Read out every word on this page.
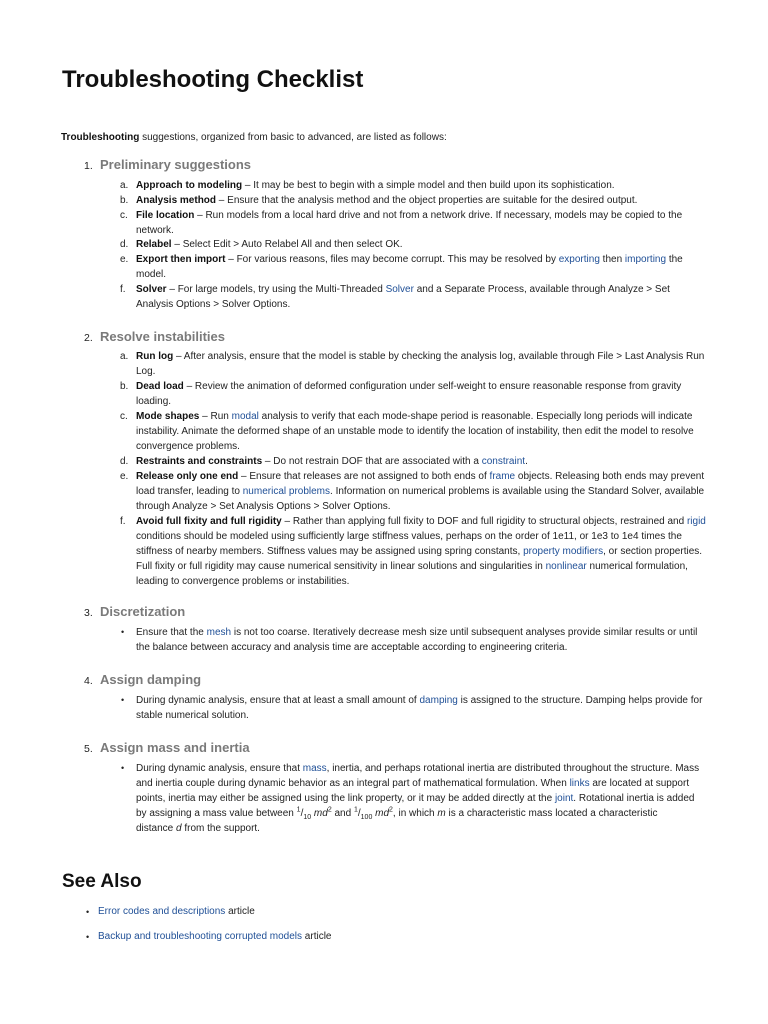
Troubleshooting Checklist

Troubleshooting suggestions, organized from basic to advanced, are listed as follows:

1. Preliminary suggestions
a. Approach to modeling – It may be best to begin with a simple model and then build upon its sophistication.
b. Analysis method – Ensure that the analysis method and the object properties are suitable for the desired output.
c. File location – Run models from a local hard drive and not from a network drive. If necessary, models may be copied to the
network.
d. Relabel – Select Edit > Auto Relabel All and then select OK.
e. Export then import – For various reasons, files may become corrupt. This may be resolved by exporting then importing the
model.
f.	Solver – For large models, try using the Multi-Threaded Solver and a Separate Process, available through Analyze > Set
Analysis Options > Solver Options.
2. Resolve instabilities
a. Run log – After analysis, ensure that the model is stable by checking the analysis log, available through File > Last Analysis Run
Log.
b. Dead load – Review the animation of deformed configuration under self-weight to ensure reasonable response from gravity
loading.
c. Mode shapes – Run modal analysis to verify that each mode-shape period is reasonable. Especially long periods will indicate
instability. Animate the deformed shape of an unstable mode to identify the location of instability, then edit the model to resolve
convergence problems.
d. Restraints and constraints – Do not restrain DOF that are associated with a constraint.
e. Release only one end – Ensure that releases are not assigned to both ends of frame objects. Releasing both ends may prevent
load transfer, leading to numerical problems. Information on numerical problems is available using the Standard Solver, available
through Analyze > Set Analysis Options > Solver Options.
f.	Avoid full fixity and full rigidity – Rather than applying full fixity to DOF and full rigidity to structural objects, restrained and rigid
conditions should be modeled using sufficiently large stiffness values, perhaps on the order of 1e11, or 1e3 to 1e4 times the
stiffness of nearby members. Stiffness values may be assigned using spring constants, property modifiers, or section properties.
Full fixity or full rigidity may cause numerical sensitivity in linear solutions and singularities in nonlinear numerical formulation,
leading to convergence problems or instabilities.
3. Discretization
•	Ensure that the mesh is not too coarse. Iteratively decrease mesh size until subsequent analyses provide similar results or until
the balance between accuracy and analysis time are acceptable according to engineering criteria.
4. Assign damping
•	During dynamic analysis, ensure that at least a small amount of damping is assigned to the structure. Damping helps provide for
stable numerical solution.
5. Assign mass and inertia
•	During dynamic analysis, ensure that mass, inertia, and perhaps rotational inertia are distributed throughout the structure. Mass
and inertia couple during dynamic behavior as an integral part of mathematical formulation. When links are located at support
points, inertia may either be assigned using the link property, or it may be added directly at the joint. Rotational inertia is added
by assigning a mass value between $^1/_{10}$ $md^2$ and $^1/_{100}$ $md^2$, in which m is a characteristic mass located a characteristic
distance d from the support.
See Also
• Error codes and descriptions article
• Backup and troubleshooting corrupted models article
